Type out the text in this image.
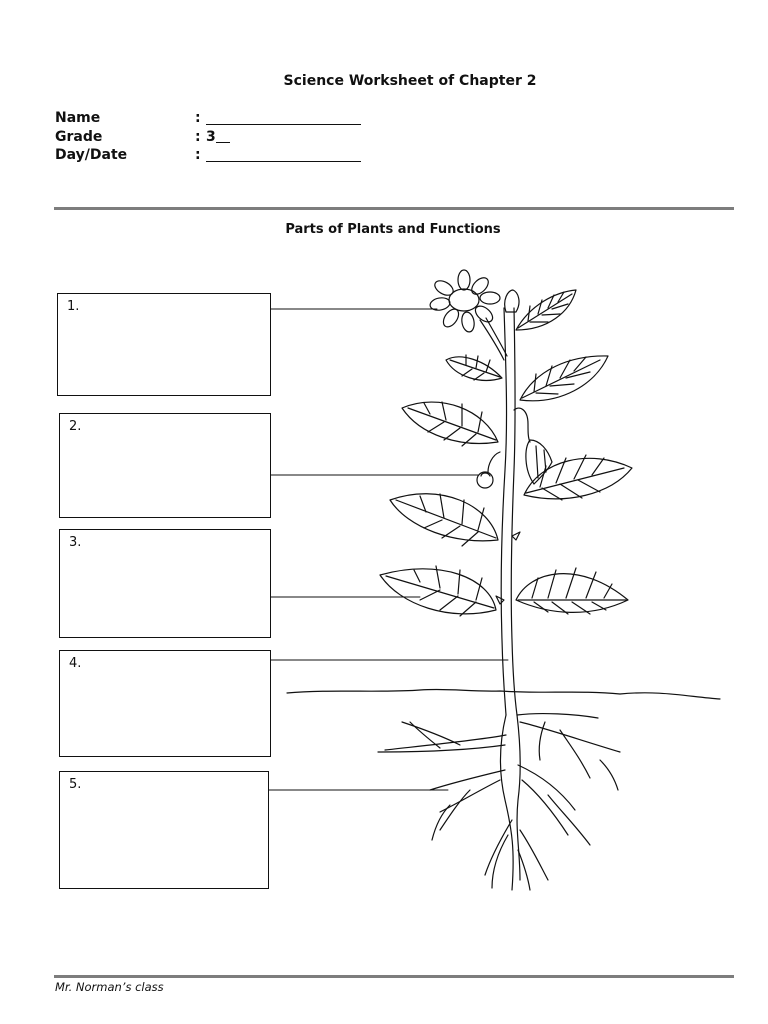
Science Worksheet of Chapter 2
Name	:
Grade	: 3
Day/Date	:
Parts of Plants and Functions
1.
2.
3.
4.
5.
Mr. Norman’s class
